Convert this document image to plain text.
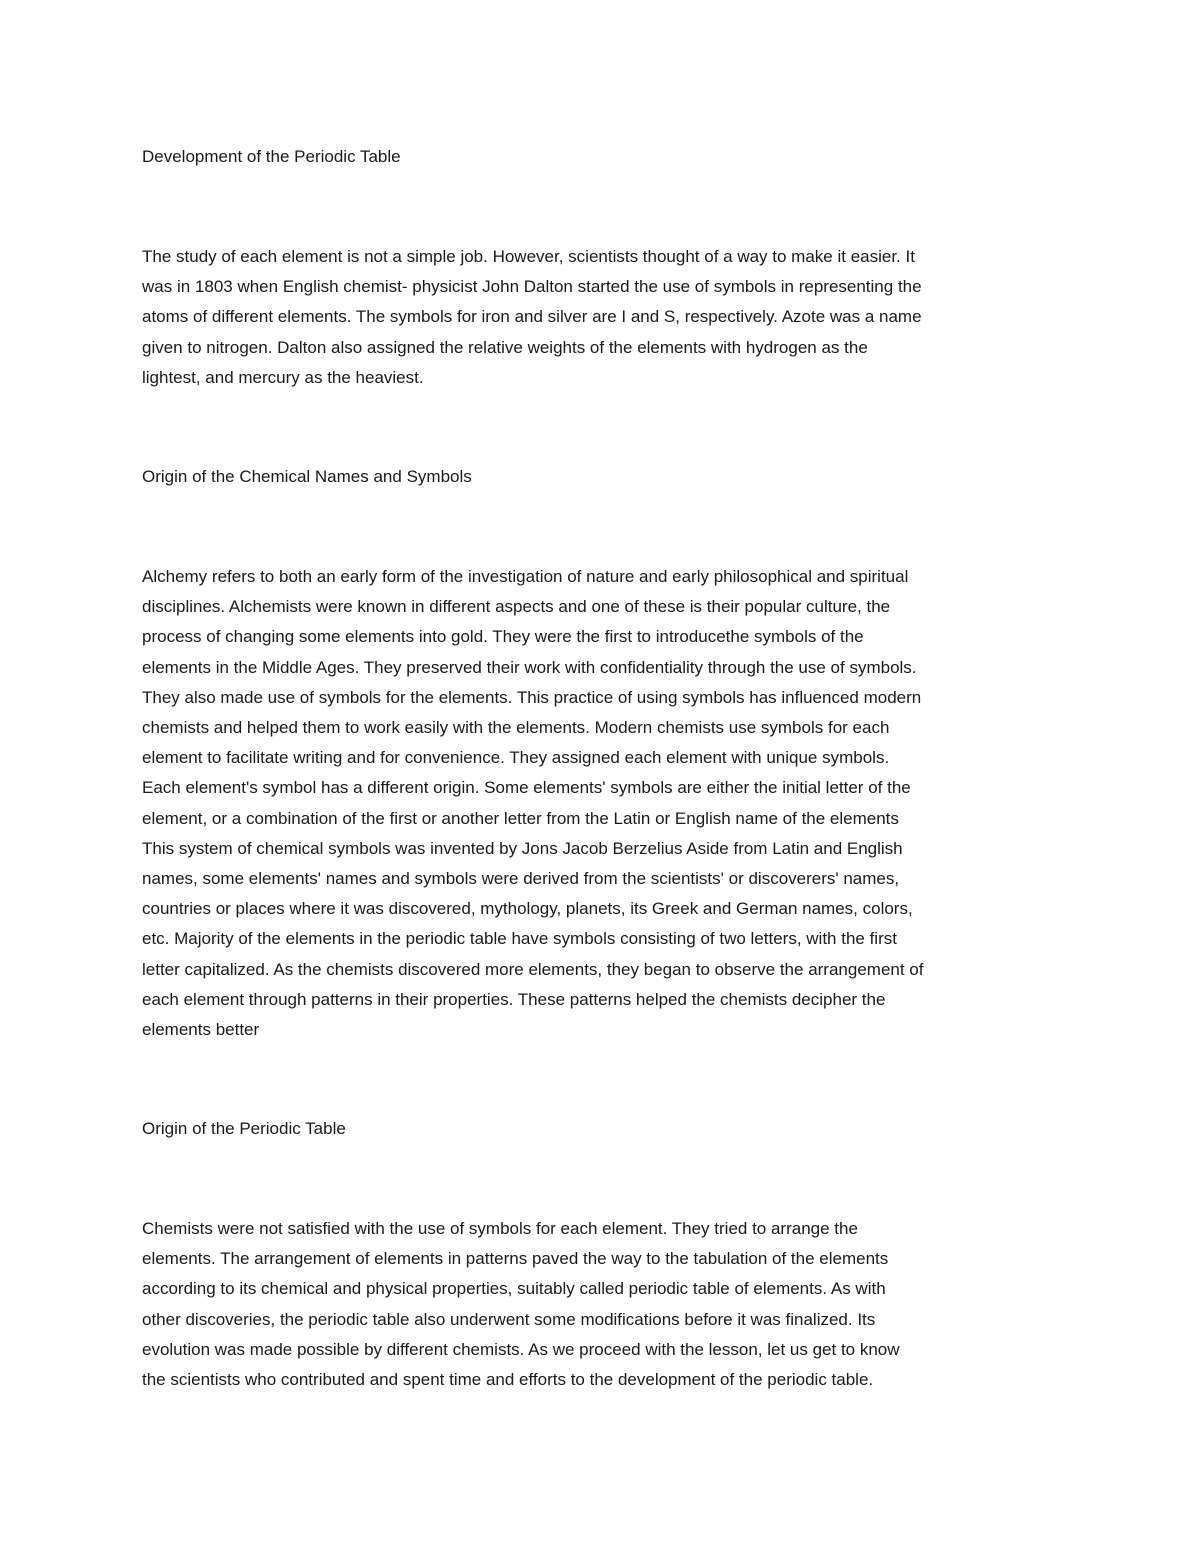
Development of the Periodic Table
The study of each element is not a simple job. However, scientists thought of a way to make it easier. It
was in 1803 when English chemist- physicist John Dalton started the use of symbols in representing the
atoms of different elements. The symbols for iron and silver are I and S, respectively. Azote was a name
given to nitrogen. Dalton also assigned the relative weights of the elements with hydrogen as the
lightest, and mercury as the heaviest.
Origin of the Chemical Names and Symbols
Alchemy refers to both an early form of the investigation of nature and early philosophical and spiritual
disciplines. Alchemists were known in different aspects and one of these is their popular culture, the
process of changing some elements into gold. They were the first to introducethe symbols of the
elements in the Middle Ages. They preserved their work with confidentiality through the use of symbols.
They also made use of symbols for the elements. This practice of using symbols has influenced modern
chemists and helped them to work easily with the elements. Modern chemists use symbols for each
element to facilitate writing and for convenience. They assigned each element with unique symbols.
Each element's symbol has a different origin. Some elements' symbols are either the initial letter of the
element, or a combination of the first or another letter from the Latin or English name of the elements
This system of chemical symbols was invented by Jons Jacob Berzelius Aside from Latin and English
names, some elements' names and symbols were derived from the scientists' or discoverers' names,
countries or places where it was discovered, mythology, planets, its Greek and German names, colors,
etc. Majority of the elements in the periodic table have symbols consisting of two letters, with the first
letter capitalized. As the chemists discovered more elements, they began to observe the arrangement of
each element through patterns in their properties. These patterns helped the chemists decipher the
elements better
Origin of the Periodic Table
Chemists were not satisfied with the use of symbols for each element. They tried to arrange the
elements. The arrangement of elements in patterns paved the way to the tabulation of the elements
according to its chemical and physical properties, suitably called periodic table of elements. As with
other discoveries, the periodic table also underwent some modifications before it was finalized. Its
evolution was made possible by different chemists. As we proceed with the lesson, let us get to know
the scientists who contributed and spent time and efforts to the development of the periodic table.
